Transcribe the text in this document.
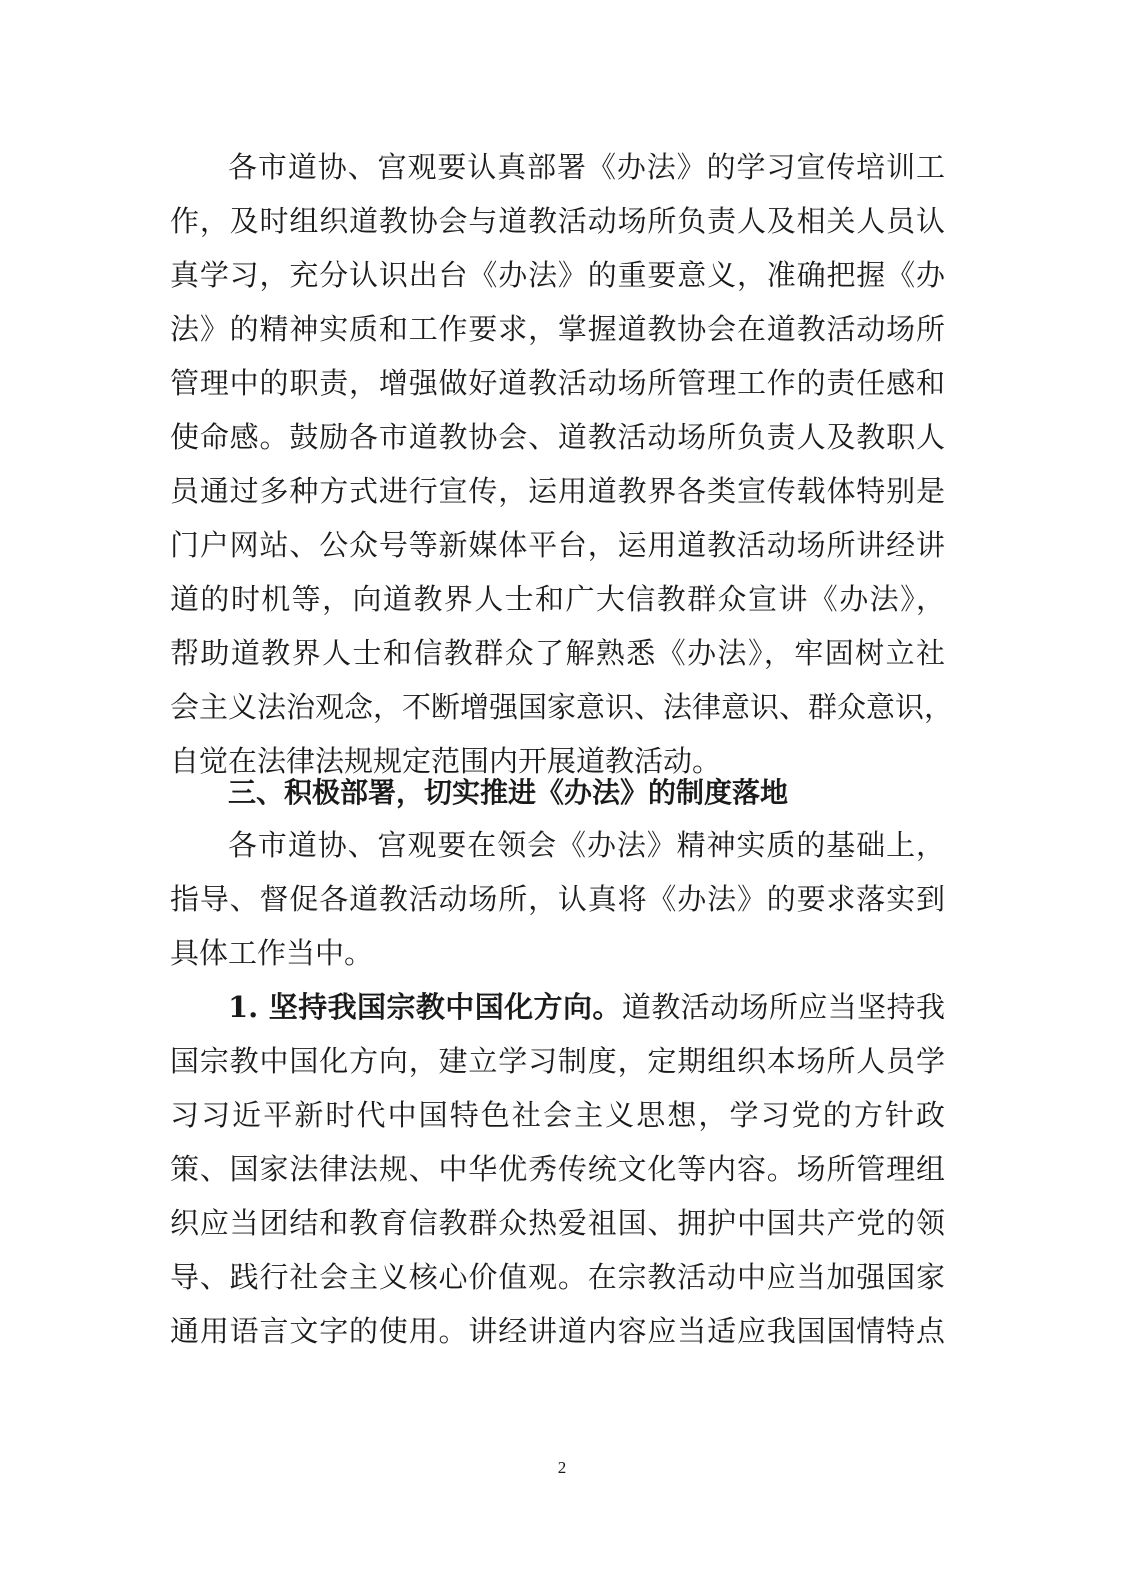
各市道协、宫观要认真部署《办法》的学习宣传培训工
作，及时组织道教协会与道教活动场所负责人及相关人员认
真学习，充分认识出台《办法》的重要意义，准确把握《办
法》的精神实质和工作要求，掌握道教协会在道教活动场所
管理中的职责，增强做好道教活动场所管理工作的责任感和
使命感。鼓励各市道教协会、道教活动场所负责人及教职人
员通过多种方式进行宣传，运用道教界各类宣传载体特别是
门户网站、公众号等新媒体平台，运用道教活动场所讲经讲
道的时机等，向道教界人士和广大信教群众宣讲《办法》，
帮助道教界人士和信教群众了解熟悉《办法》，牢固树立社
会主义法治观念，不断增强国家意识、法律意识、群众意识，
自觉在法律法规规定范围内开展道教活动。
三、积极部署，切实推进《办法》的制度落地
各市道协、宫观要在领会《办法》精神实质的基础上，
指导、督促各道教活动场所，认真将《办法》的要求落实到
具体工作当中。
1. 坚持我国宗教中国化方向。道教活动场所应当坚持我
国宗教中国化方向，建立学习制度，定期组织本场所人员学
习习近平新时代中国特色社会主义思想，学习党的方针政
策、国家法律法规、中华优秀传统文化等内容。场所管理组
织应当团结和教育信教群众热爱祖国、拥护中国共产党的领
导、践行社会主义核心价值观。在宗教活动中应当加强国家
通用语言文字的使用。讲经讲道内容应当适应我国国情特点
2
